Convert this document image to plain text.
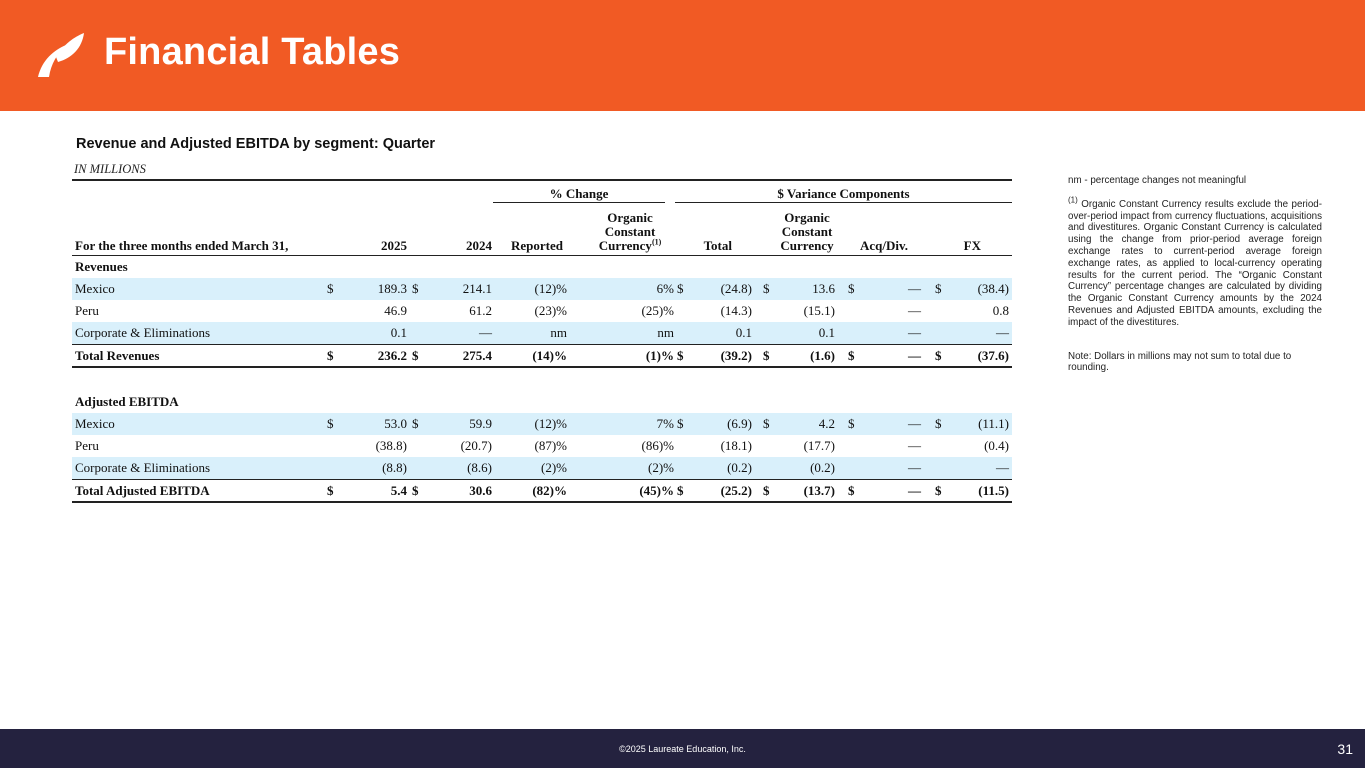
Financial Tables
Revenue and Adjusted EBITDA by segment: Quarter
IN MILLIONS
% Change	$ Variance Components
For the three months ended March 31,	2025	2024	Reported
Organic
Constant
Currency$^{(1)}$	Total
Organic
Constant
Currency	Acq/Div.	FX
Revenues
Mexico	$	189.3 $	214.1	(12)%	6% $	(24.8) $	13.6 $	— $	(38.4)
Peru	46.9	61.2	(23)%	(25)%	(14.3)	(15.1)	—	0.8
Corporate & Eliminations	0.1	—	nm	nm	0.1	0.1	—	—
Total Revenues	$	236.2 $	275.4	(14)%	(1)% $	(39.2) $	(1.6) $	— $	(37.6)
Adjusted EBITDA
Mexico	$	53.0 $	59.9	(12)%	7% $	(6.9) $	4.2 $	— $	(11.1)
Peru	(38.8)	(20.7)	(87)%	(86)%	(18.1)	(17.7)	—	(0.4)
Corporate & Eliminations	(8.8)	(8.6)	(2)%	(2)%	(0.2)	(0.2)	—	—
Total Adjusted EBITDA	$	5.4 $	30.6	(82)%	(45)% $	(25.2) $	(13.7) $	— $	(11.5)

nm - percentage changes not meaningful

$^{(1)}$ Organic Constant Currency results exclude the period-over-period impact from currency fluctuations, acquisitions and divestitures. Organic Constant Currency is calculated using the change from prior-period average foreign exchange rates to current-period average foreign exchange rates, as applied to local-currency operating results for the current period. The “Organic Constant Currency” percentage changes are calculated by dividing the Organic Constant Currency amounts by the 2024 Revenues and Adjusted EBITDA amounts, excluding the impact of the divestitures.

Note: Dollars in millions may not sum to total due to rounding.

©2025 Laureate Education, Inc.	31
